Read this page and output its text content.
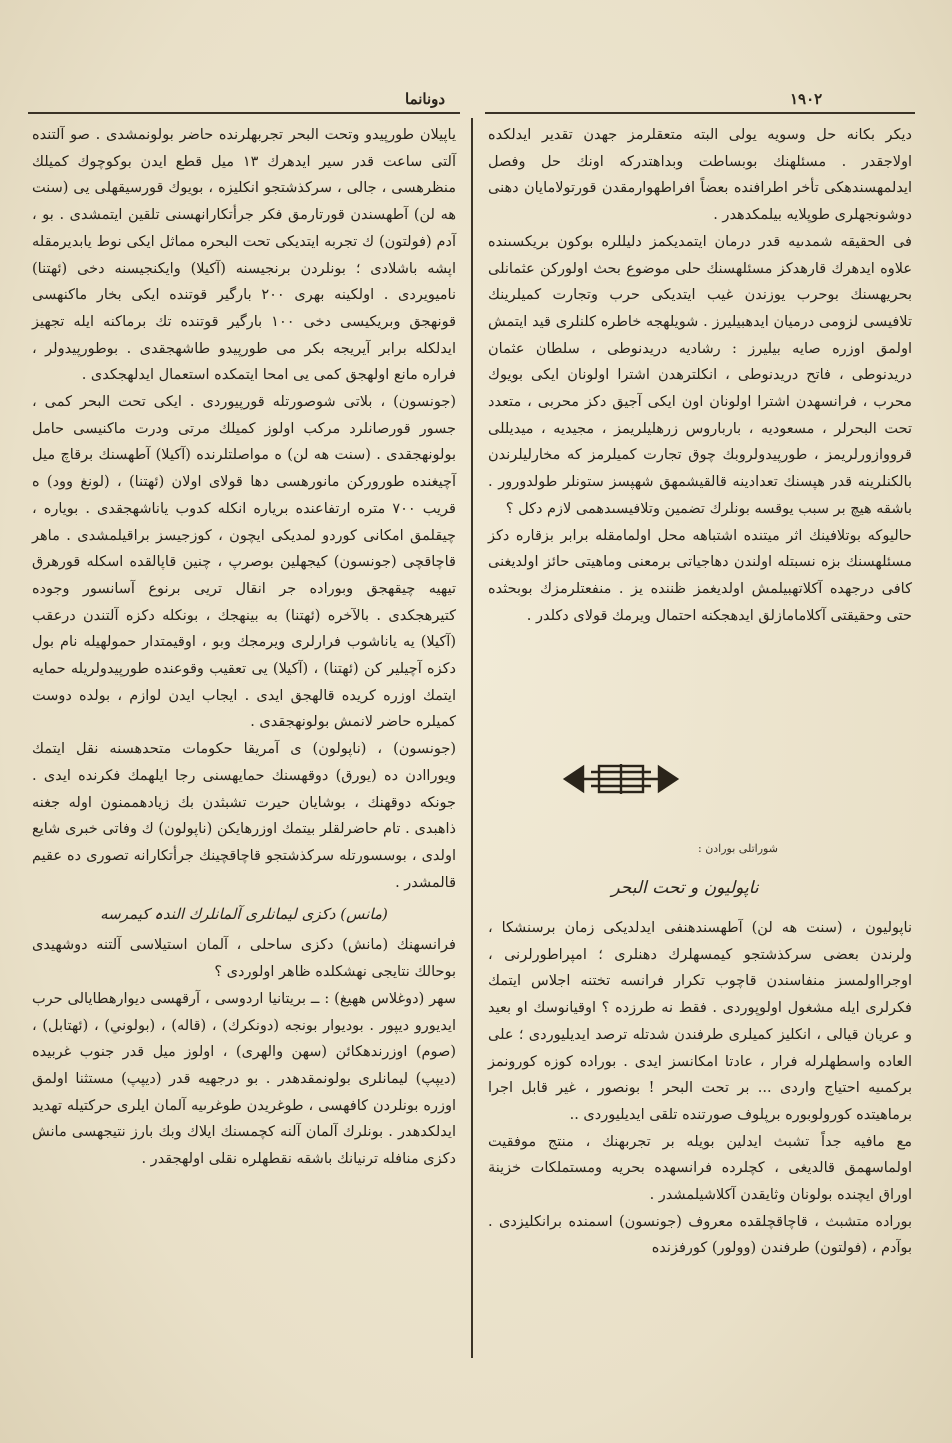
دونانما	١٩٠٢

ديكر بكانه حل وسويه يولى البته متعقلرمز جهدن تقدير ايدلكده اولاجقدر . مسئلهنك بوبساطت وبداهتدركه اونك حل وفصل ايدلمهسندهكى تأخر اطرافنده بعضاً افراطهوارمقدن قورتولامايان دهنى دوشونجهلرى طوپلايه بيلمكدهدر .

فى الحقيقه شمدىيه قدر درمان ايتمديكمز دليللره بوكون بريكسىنده علاوه ايدهرك قارهدكز مسئلهسنك حلى موضوع بحث اولورکن عثمانلى بحريهسنك بوحرب يوزندن غيب ايتديكى حرب وتجارت كميلرينك تلافيسى لزومى درميان ايدهبيليرز . شويلهجه خاطره كلنلرى قيد ايتمش اولمق اوزره صايه بيليرز : رشاديه دريدنوطى ، سلطان عثمان دريدنوطى ، فاتح دريدنوطى ، انكلترهدن اشترا اولونان ايكى بويوك محرب ، فرانسهدن اشترا اولونان اون ايكى آجيق دكز محربى ، متعدد تحت البحرلر ، مسعوديه ، بارباروس زرهليلريمز ، مجيديه ، ميديللى قرووازورلريمز ، طورپيدولروبك چوق تجارت كميلرمز كه مخارليلرندن بالكنلرينه قدر هپسنك تعدادينه قالقيشمهق شهپسز ستونلر طولدورور . باشقه هيچ بر سبب يوقسه بونلرك تضمين وتلافيسىدهمى لازم دكل ؟

حاليوكه بوتلافينك اثر ميتنده اشتباهه محل اولمامقله برابر بزقاره دكز مسئلهسنك بزه نسبتله اولندن دهاجياتى برمعنى وماهيتى حائز اولديغنى كافى درجهده آكلاتهبيلمش اولديغمز ظننده يز . منفعتلرمزك بوبحثده حتى وحقيقتى آكلامامازلق ايدهجكنه احتمال ويرمك قولاى دكلدر .

شوراتلى بورادن :
ناپولیون و تحت البحر

ناپولیون ، (سنت هه لن) آطهسندهنفى ايدلديكى زمان برسنشكا ، ولرندن بعضى سركذشتجو كيمسهلرك دهنلرى ؛ امپراطورلرنى ، اوجرااولمسز منفاسندن قاچوب تكرار فرانسه تختنه اجلاس ايتمك فكرلرى ايله مشغول اولوپوردى . فقط نه طرزده ؟ اوقيانوسك او بعيد و عريان قيالى ، انكليز كميلرى طرفندن شدتله ترصد ايديليوردى ؛ على العاده واسطهلرله فرار ، عادتا امكانسز ايدى . بوراده كوزه كورونمز بركمىيه احتياج واردى ... بر تحت البحر ! بونصور ، غير قابل اجرا برماهيتده كورولوبوره برپلوف صورتنده تلقى ايديليوردى ..

مع مافيه جداً تشبث ايدلين بويله بر تجربهنك ، منتج موفقيت اولماسهمق قالديغى ، كچلرده فرانسهده بحريه ومستملكات خزينة اوراق ايچنده بولونان وثايقدن آكلاشيلمشدر .

بوراده متشبث ، قاچاقچلقده معروف (جونسون) اسمنده برانكليزدى . بوآدم ، (فولتون) طرفندن (وولور) كورفزنده

ياپيلان طورپيدو وتحت البحر تجربهلرنده حاضر بولونمشدى . صو آلتنده آلتى ساعت قدر سير ايدهرك ١٣ ميل قطع ايدن بوكوچوك كميلك منظرهسى ، جالى ، سركذشتجو انكليزه ، بويوك قورسيقهلى يى (سنت هه لن) آطهسندن قورتارمق فكر جرأتكارانهسنى تلقين ايتمشدى . بو ، آدم (فولتون) ك تجربه ايتديكى تحت البحره مماثل ايكى نوط يابديرمقله اپشه باشلادى ؛ بونلردن برنجيسنه (آكيلا) وايكنجيسنه دخى (ئهتنا) ناميويردى . اولكينه بهرى ٢٠٠ بارگير قوتنده ايكى بخار ماكنهسى قونهجق وبريكيسى دخى ١٠٠ بارگير قوتنده تك برماكنه ايله تجهيز ايدلكله برابر آيريجه بكر مى طورپيدو طاشهجقدى . بوطورپيدولر ، فراره مانع اولهجق كمى يى امحا ايتمكده استعمال ايدلهجكدى .

(جونسون) ، بلاتى شوصورتله قورپيوردى . ايكى تحت البحر كمى ، جسور قورصانلرد مركب اولوز كميلك مرتى ودرت ماكنيسى حامل بولونهجقدى . (سنت هه لن) ه مواصلتلرنده (آكيلا) آطهسنك برقاچ ميل آچيغنده طورورکن مانورهسى دها قولاى اولان (ئهتنا) ، (لونغ وود) ه قريب ٧٠٠ متره ارتفاعنده برياره انكله كدوب ياناشهجقدى . بوياره ، چيقلمق امكانى كوردو لمديكى ايچون ، كوزجيسز براقيلمشدى . ماهر قاچاقچى (جونسون) كيجهلين بوصرپ ، چنين قاپالقده اسكله قورهرق تيهيه چيقهجق وبوراده جر انقال تريى برنوع آسانسور وجوده كتيرهجكدى . بالآخره (ئهتنا) به بينهجك ، بونكله دكزه آلتندن درعقب (آكيلا) يه ياناشوب فرارلرى ويرمجك وبو ، اوقيمتدار حمولهيله نام بول دكزه آچيلير كن (ئهتنا) ، (آكيلا) يى تعقيب وقوعنده طورپيدولريله حمايه ايتمك اوزره كريده قالهجق ايدى . ايجاب ايدن لوازم ، بولده دوست كميلره حاضر لانمش بولونهجقدى .

(جونسون) ، (ناپولون) ى آمريقا حكومات متحدهسنه نقل ايتمك ويوراادن ده (يورق) دوقهسنك حمايهسنى رجا ايلهمك فكرنده ايدى . جونكه دوقهنك ، بوشايان حيرت تشبثدن بك زيادهممنون اوله جغنه ذاهبدى . تام حاضرلقلر بيتمك اوزرهايكن (ناپولون) ك وفاتى خبرى شايع اولدى ، بوسسورتله سركذشتجو قاچاقچينك جرأتكارانه تصورى ده عقيم قالمشدر .

(مانس) دکزی لیمانلری آلمانلرك الندہ كیمرسه

فرانسهنك (مانش) دكزى ساحلى ، آلمان استيلاسى آلتنه دوشهيدى بوحالك نتايجى نهشكلده ظاهر اولوردى ؟

سهر (دوغلاس ههيغ) : ــ بريتانيا اردوسى ، آرقهسى ديوارهطايالى حرب ايديورو ديپور . بوديوار بونجه (دونكرك) ، (قاله) ، (بولوني) ، (ئهتابل) ، (صوم) اوزرندهكائن (سهن والهرى) ، اولوز ميل قدر جنوب غربيده (ديپپ) ليمانلرى بولونمقدهدر . بو درجهيه قدر (ديپپ) مستثنا اولمق اوزره بونلردن كافهسى ، طوغريدن طوغرىيه آلمان ايلرى حركتيله تهديد ايدلكدهدر . بونلرك آلمان آلنه كچمسنك ايلاك وبك بارز نتيجهسى مانش دكزى منافله ترنيانك باشقه نقطهلره نقلى اولهجقدر .
